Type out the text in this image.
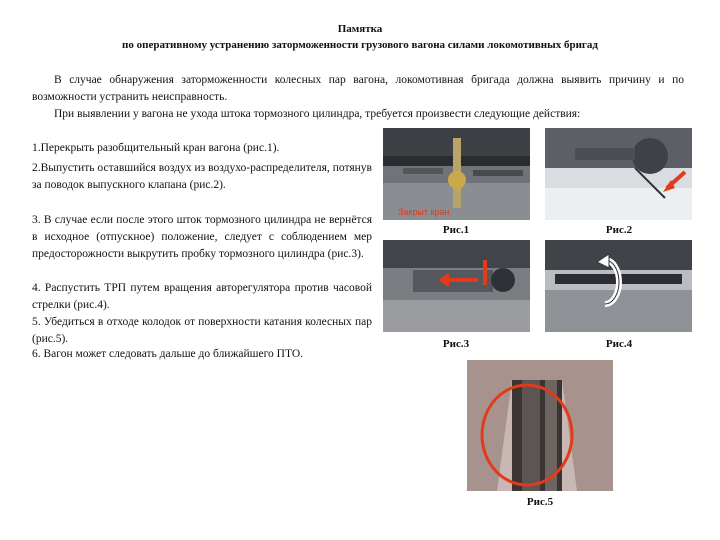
Памятка
по оперативному устранению заторможенности грузового вагона силами локомотивных бригад
В случае обнаружения заторможенности колесных пар вагона, локомотивная бригада должна выявить причину и по возможности устранить неисправность.
При выявлении у вагона не ухода штока тормозного цилиндра, требуется произвести следующие действия:
1.Перекрыть разобщительный кран вагона (рис.1).
2.Выпустить оставшийся воздух из воздухо-распределителя, потянув за поводок выпускного клапана (рис.2).
3. В случае если после этого шток тормозного цилиндра не вернётся в исходное (отпускное) положение, следует с соблюдением мер предосторожности выкрутить пробку тормозного цилиндра (рис.3).
4. Распустить ТРП путем вращения авторегулятора против часовой стрелки (рис.4).
5. Убедиться в отходе колодок от поверхности катания колесных пар (рис.5).
6. Вагон может следовать дальше до ближайшего ПТО.
Закрыт кран
Рис.1	Рис.2
Рис.3	Рис.4
Рис.5
